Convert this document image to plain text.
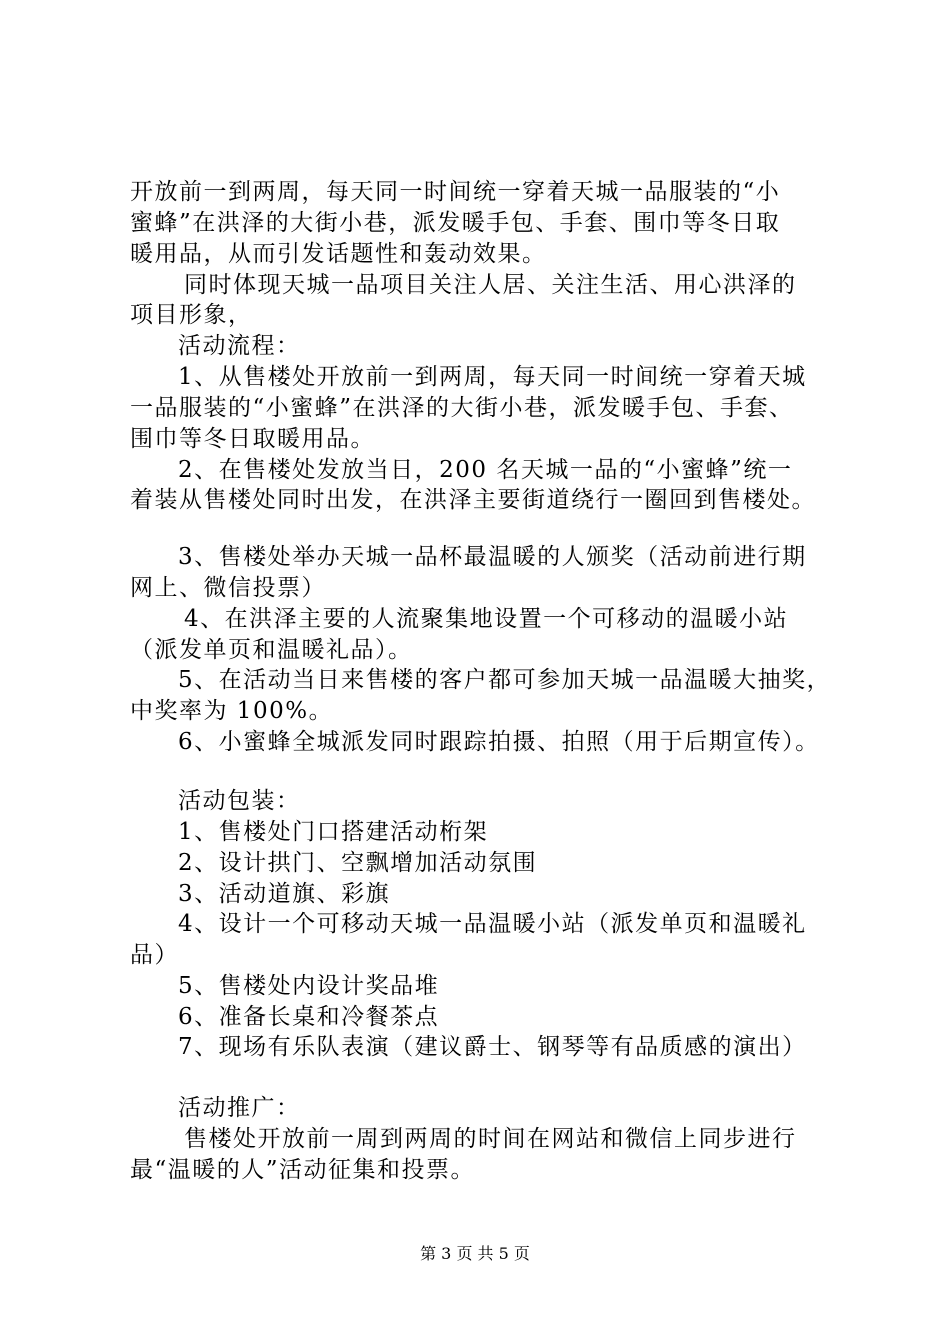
开放前一到两周，每天同一时间统一穿着天城一品服装的“小
蜜蜂”在洪泽的大街小巷，派发暖手包、手套、围巾等冬日取
暖用品，从而引发话题性和轰动效果。
同时体现天城一品项目关注人居、关注生活、用心洪泽的
项目形象，
活动流程：
1、从售楼处开放前一到两周，每天同一时间统一穿着天城
一品服装的“小蜜蜂”在洪泽的大街小巷，派发暖手包、手套、
围巾等冬日取暖用品。
2、在售楼处发放当日，200 名天城一品的“小蜜蜂”统一
着装从售楼处同时出发，在洪泽主要街道绕行一圈回到售楼处。
3、售楼处举办天城一品杯最温暖的人颁奖（活动前进行期
网上、微信投票）
4、在洪泽主要的人流聚集地设置一个可移动的温暖小站
（派发单页和温暖礼品）。
5、在活动当日来售楼的客户都可参加天城一品温暖大抽奖，
中奖率为 100%。
6、小蜜蜂全城派发同时跟踪拍摄、拍照（用于后期宣传）。
活动包装：
1、售楼处门口搭建活动桁架
2、设计拱门、空飘增加活动氛围
3、活动道旗、彩旗
4、设计一个可移动天城一品温暖小站（派发单页和温暖礼
品）
5、售楼处内设计奖品堆
6、准备长桌和冷餐茶点
7、现场有乐队表演（建议爵士、钢琴等有品质感的演出）
活动推广：
售楼处开放前一周到两周的时间在网站和微信上同步进行
最“温暖的人”活动征集和投票。
第 3 页 共 5 页
